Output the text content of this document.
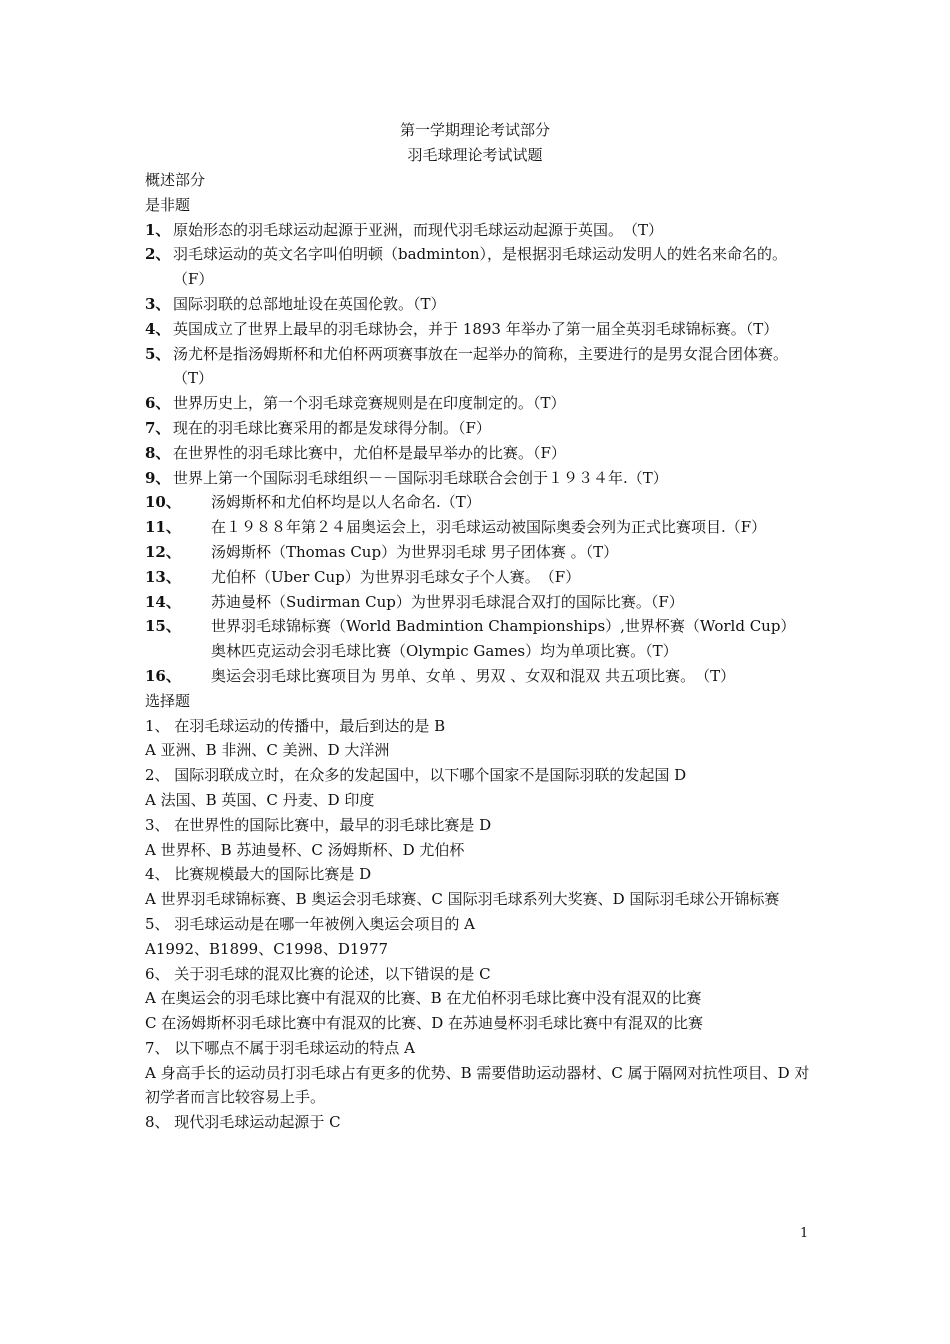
第一学期理论考试部分
羽毛球理论考试试题
概述部分
是非题
1、 原始形态的羽毛球运动起源于亚洲，而现代羽毛球运动起源于英国。　（T）
2、 羽毛球运动的英文名字叫伯明顿（badminton），是根据羽毛球运动发明人的姓名来命名的。（F）
3、 国际羽联的总部地址设在英国伦敦。（T）
4、 英国成立了世界上最早的羽毛球协会，并于 1893 年举办了第一届全英羽毛球锦标赛。（T）
5、 汤尤杯是指汤姆斯杯和尤伯杯两项赛事放在一起举办的简称，主要进行的是男女混合团体赛。（T）
6、 世界历史上，第一个羽毛球竞赛规则是在印度制定的。（T）
7、 现在的羽毛球比赛采用的都是发球得分制。（F）
8、 在世界性的羽毛球比赛中，尤伯杯是最早举办的比赛。（F）
9、 世界上第一个国际羽毛球组织－－国际羽毛球联合会创于１９３４年.（T）
10、	汤姆斯杯和尤伯杯均是以人名命名.（T）
11、	在１９８８年第２４届奥运会上，羽毛球运动被国际奥委会列为正式比赛项目.（F）
12、	汤姆斯杯（Thomas Cup）为世界羽毛球 男子团体赛 。（T）
13、	尤伯杯（Uber Cup）为世界羽毛球女子个人赛。　（F）
14、	苏迪曼杯（Sudirman Cup）为世界羽毛球混合双打的国际比赛。（F）
15、	世界羽毛球锦标赛（World Badmintion Championships）,世界杯赛（World Cup）奥林匹克运动会羽毛球比赛（Olympic Games）均为单项比赛。（T）
16、	奥运会羽毛球比赛项目为 男单、女单 、男双 、女双和混双 共五项比赛。　（T）
选择题
1、 在羽毛球运动的传播中，最后到达的是 B
A 亚洲、B 非洲、C 美洲、D 大洋洲
2、 国际羽联成立时，在众多的发起国中，以下哪个国家不是国际羽联的发起国 D
A 法国、B 英国、C 丹麦、D 印度
3、 在世界性的国际比赛中，最早的羽毛球比赛是 D
A 世界杯、B 苏迪曼杯、C 汤姆斯杯、D 尤伯杯
4、 比赛规模最大的国际比赛是 D
A 世界羽毛球锦标赛、B 奥运会羽毛球赛、C 国际羽毛球系列大奖赛、D 国际羽毛球公开锦标赛
5、 羽毛球运动是在哪一年被例入奥运会项目的 A
A1992、B1899、C1998、D1977
6、 关于羽毛球的混双比赛的论述，以下错误的是 C
A 在奥运会的羽毛球比赛中有混双的比赛、B 在尤伯杯羽毛球比赛中没有混双的比赛
C 在汤姆斯杯羽毛球比赛中有混双的比赛、D 在苏迪曼杯羽毛球比赛中有混双的比赛
7、 以下哪点不属于羽毛球运动的特点 A
A 身高手长的运动员打羽毛球占有更多的优势、B 需要借助运动器材、C 属于隔网对抗性项目、D 对初学者而言比较容易上手。
8、 现代羽毛球运动起源于 C
1
